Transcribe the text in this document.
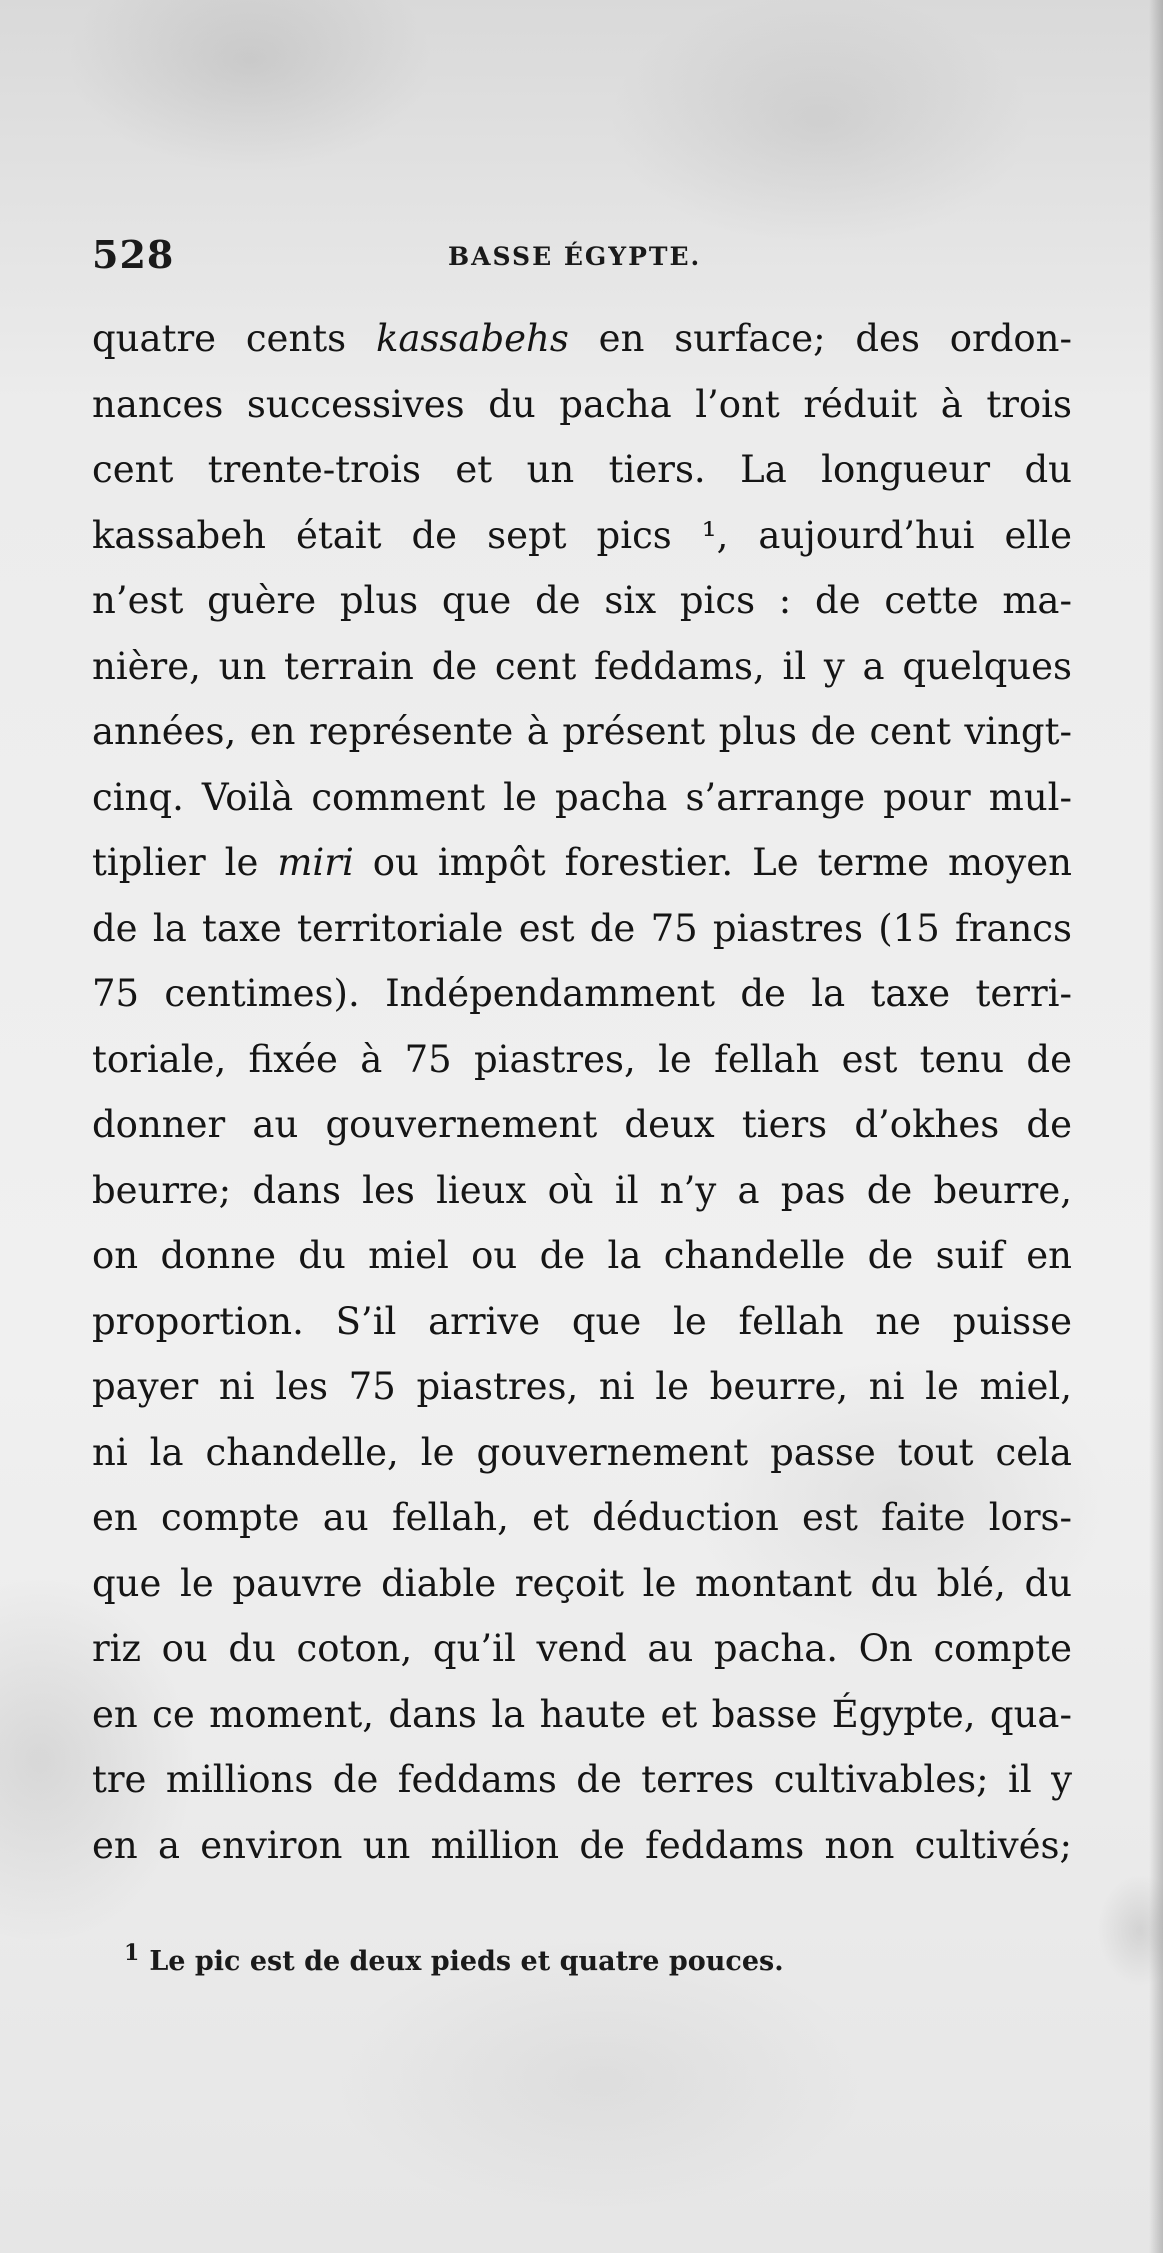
528	BASSE ÉGYPTE.
quatre cents kassabehs en surface; des ordon-
nances successives du pacha l’ont réduit à trois
cent trente-trois et un tiers. La longueur du
kassabeh était de sept pics ¹, aujourd’hui elle
n’est guère plus que de six pics : de cette ma-
nière, un terrain de cent feddams, il y a quelques
années, en représente à présent plus de cent vingt-
cinq. Voilà comment le pacha s’arrange pour mul-
tiplier le miri ou impôt forestier. Le terme moyen
de la taxe territoriale est de 75 piastres (15 francs
75 centimes). Indépendamment de la taxe terri-
toriale, fixée à 75 piastres, le fellah est tenu de
donner au gouvernement deux tiers d’okhes de
beurre; dans les lieux où il n’y a pas de beurre,
on donne du miel ou de la chandelle de suif en
proportion. S’il arrive que le fellah ne puisse
payer ni les 75 piastres, ni le beurre, ni le miel,
ni la chandelle, le gouvernement passe tout cela
en compte au fellah, et déduction est faite lors-
que le pauvre diable reçoit le montant du blé, du
riz ou du coton, qu’il vend au pacha. On compte
en ce moment, dans la haute et basse Égypte, qua-
tre millions de feddams de terres cultivables; il y
en a environ un million de feddams non cultivés;
$^1$ Le pic est de deux pieds et quatre pouces.
